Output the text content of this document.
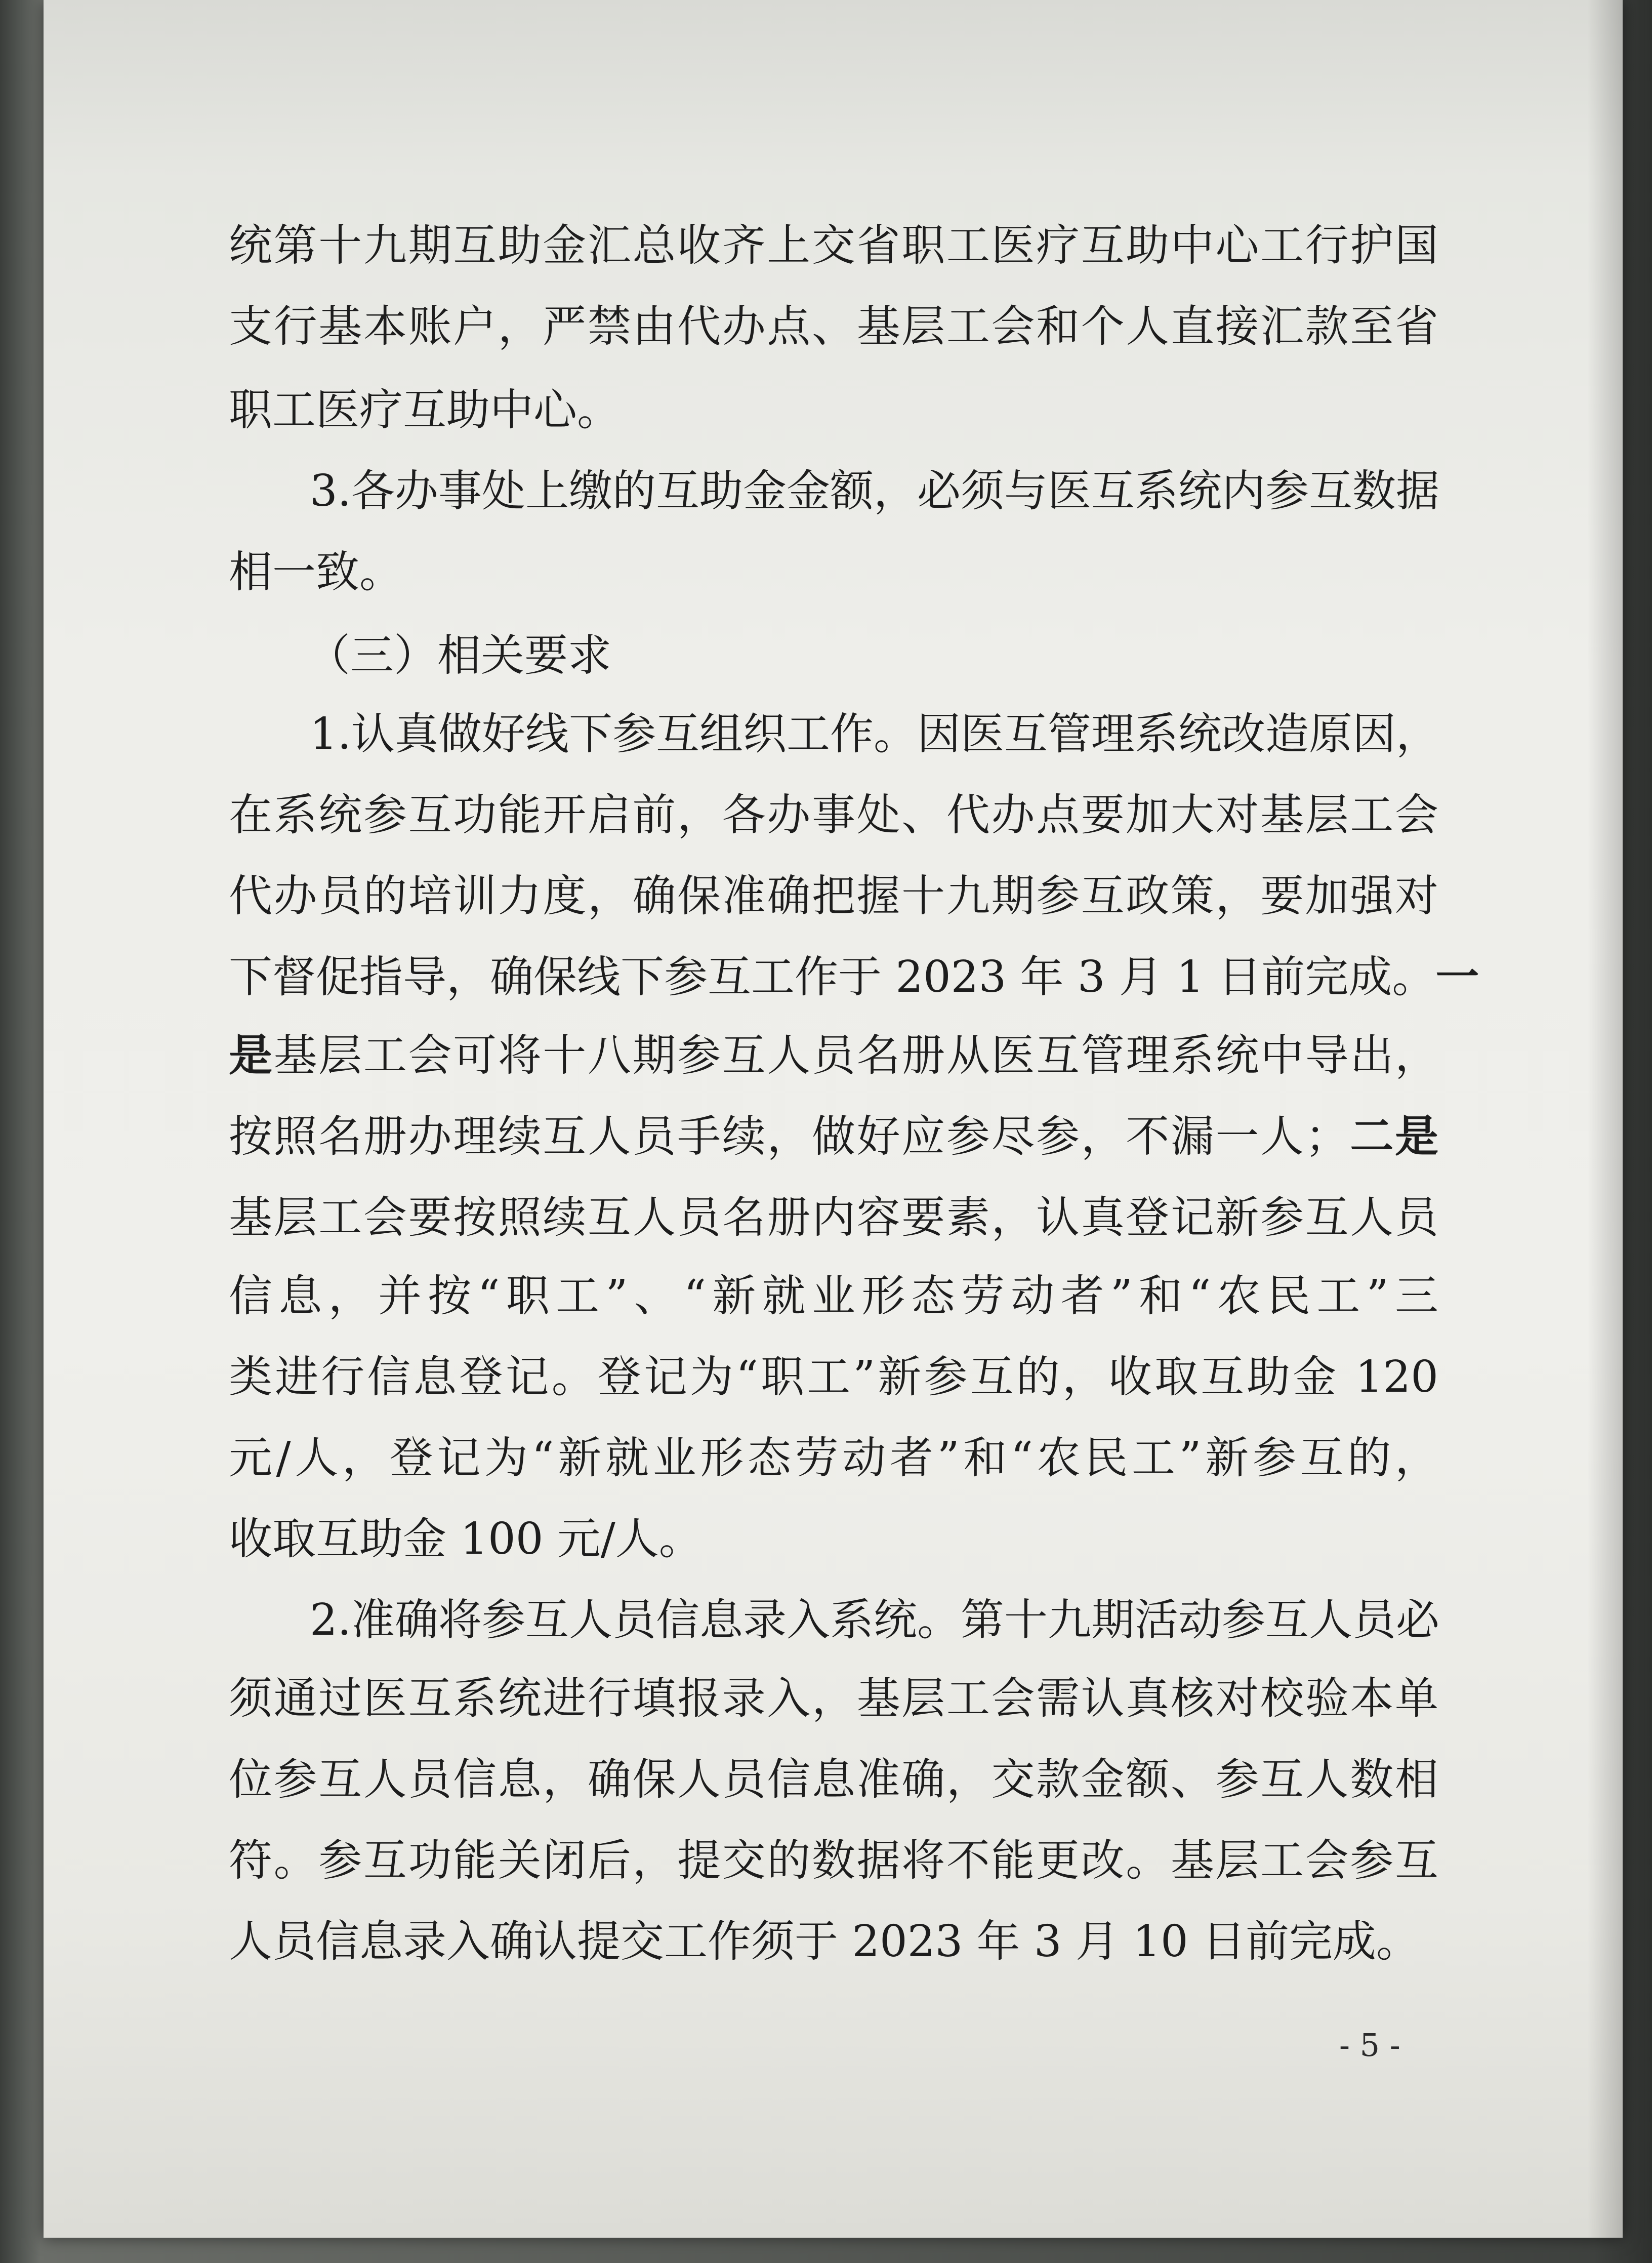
统第十九期互助金汇总收齐上交省职工医疗互助中心工行护国
支行基本账户，严禁由代办点、基层工会和个人直接汇款至省
职工医疗互助中心。
3.各办事处上缴的互助金金额，必须与医互系统内参互数据
相一致。
（三）相关要求
1.认真做好线下参互组织工作。因医互管理系统改造原因，
在系统参互功能开启前，各办事处、代办点要加大对基层工会
代办员的培训力度，确保准确把握十九期参互政策，要加强对
下督促指导，确保线下参互工作于 2023 年 3 月 1 日前完成。一
是基层工会可将十八期参互人员名册从医互管理系统中导出，
按照名册办理续互人员手续，做好应参尽参，不漏一人；二是
基层工会要按照续互人员名册内容要素，认真登记新参互人员
信息，并按“职工”、“新就业形态劳动者”和“农民工”三
类进行信息登记。登记为“职工”新参互的，收取互助金 120
元/人，登记为“新就业形态劳动者”和“农民工”新参互的，
收取互助金 100 元/人。
2.准确将参互人员信息录入系统。第十九期活动参互人员必
须通过医互系统进行填报录入，基层工会需认真核对校验本单
位参互人员信息，确保人员信息准确，交款金额、参互人数相
符。参互功能关闭后，提交的数据将不能更改。基层工会参互
人员信息录入确认提交工作须于 2023 年 3 月 10 日前完成。
- 5 -
